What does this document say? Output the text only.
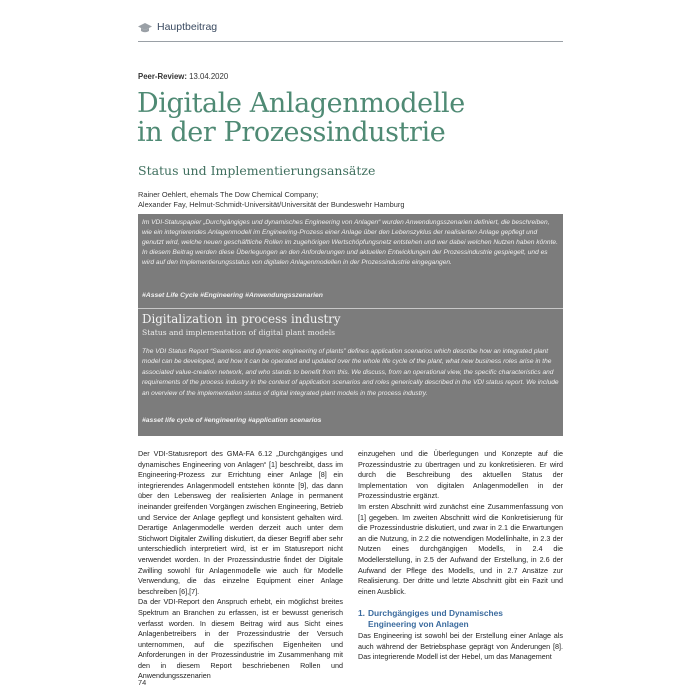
Hauptbeitrag
Peer-Review: 13.04.2020
Digitale Anlagenmodelle
in der Prozessindustrie
Status und Implementierungsansätze
Rainer Oehlert, ehemals The Dow Chemical Company;
Alexander Fay, Helmut-Schmidt-Universität/Universität der Bundeswehr Hamburg
Im VDI-Statuspapier „Durchgängiges und dynamisches Engineering von Anlagen“ wurden Anwendungsszenarien definiert, die beschreiben, wie ein integrierendes Anlagenmodell im Engineering-Prozess einer Anlage über den Lebenszyklus der realisierten Anlage gepflegt und genutzt wird, welche neuen geschäftliche Rollen im zugehörigen Wertschöpfungsnetz entstehen und wer dabei welchen Nutzen haben könnte. In diesem Beitrag werden diese Überlegungen an den Anforderungen und aktuellen Entwicklungen der Prozessindustrie gespiegelt, und es wird auf den Implementierungsstatus von digitalen Anlagenmodellen in der Prozessindustrie eingegangen.
#Asset Life Cycle #Engineering #Anwendungsszenarien
Digitalization in process industry
Status and implementation of digital plant models
The VDI Status Report “Seamless and dynamic engineering of plants” defines application scenarios which describe how an integrated plant model can be developed, and how it can be operated and updated over the whole life cycle of the plant, what new business roles arise in the associated value-creation network, and who stands to benefit from this. We discuss, from an operational view, the specific characteristics and requirements of the process industry in the context of application scenarios and roles generically described in the VDI status report. We include an overview of the implementation status of digital integrated plant models in the process industry.
#asset life cycle of #engineering #application scenarios

Der VDI-Statusreport des GMA-FA 6.12 „Durchgängiges und dynamisches Engineering von Anlagen“ [1] beschreibt, dass im Engineering-Prozess zur Errichtung einer Anlage [8] ein integrierendes Anlagenmodell entstehen könnte [9], das dann über den Lebensweg der realisierten Anlage in permanent ineinander greifenden Vorgängen zwischen Engineering, Betrieb und Service der Anlage gepflegt und konsistent gehalten wird. Derartige Anlagenmodelle werden derzeit auch unter dem Stichwort Digitaler Zwilling diskutiert, da dieser Begriff aber sehr unterschiedlich interpretiert wird, ist er im Statusreport nicht verwendet worden. In der Prozessindustrie findet der Digitale Zwilling sowohl für Anlagenmodelle wie auch für Modelle Verwendung, die das einzelne Equipment einer Anlage beschreiben [6],[7].

Da der VDI-Report den Anspruch erhebt, ein möglichst breites Spektrum an Branchen zu erfassen, ist er bewusst generisch verfasst worden. In diesem Beitrag wird aus Sicht eines Anlagenbetreibers in der Prozessindustrie der Versuch unternommen, auf die spezifischen Eigenheiten und Anforderungen in der Prozessindustrie im Zusammenhang mit den in diesem Report beschriebenen Rollen und Anwendungsszenarien

einzugehen und die Überlegungen und Konzepte auf die Prozessindustrie zu übertragen und zu konkretisieren. Er wird durch die Beschreibung des aktuellen Status der Implementation von digitalen Anlagenmodellen in der Prozessindustrie ergänzt.

Im ersten Abschnitt wird zunächst eine Zusammenfassung von [1] gegeben. Im zweiten Abschnitt wird die Konkretisierung für die Prozessindustrie diskutiert, und zwar in 2.1 die Erwartungen an die Nutzung, in 2.2 die notwendigen Modellinhalte, in 2.3 der Nutzen eines durchgängigen Modells, in 2.4 die Modellerstellung, in 2.5 der Aufwand der Erstellung, in 2.6 der Aufwand der Pflege des Modells, und in 2.7 Ansätze zur Realisierung. Der dritte und letzte Abschnitt gibt ein Fazit und einen Ausblick.

1. Durchgängiges und Dynamisches
Engineering von Anlagen

Das Engineering ist sowohl bei der Erstellung einer Anlage als auch während der Betriebsphase geprägt von Änderungen [8]. Das integrierende Modell ist der Hebel, um das Management

74
